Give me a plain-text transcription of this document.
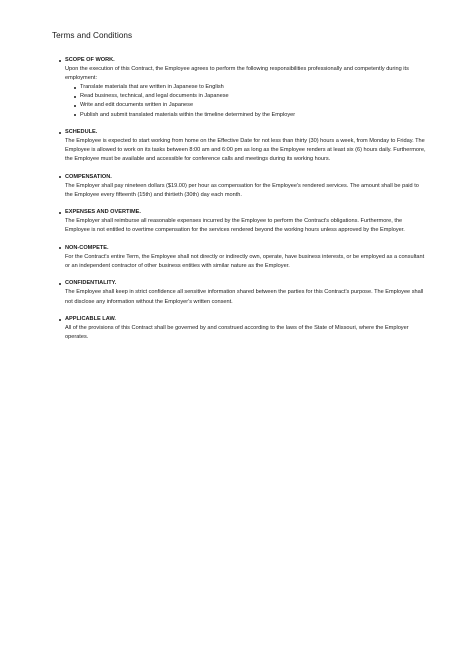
Terms and Conditions
SCOPE OF WORK.
Upon the execution of this Contract, the Employee agrees to perform the following responsibilities professionally and competently during its employment:
Translate materials that are written in Japanese to English
Read business, technical, and legal documents in Japanese
Write and edit documents written in Japanese
Publish and submit translated materials within the timeline determined by the Employer
SCHEDULE.
The Employee is expected to start working from home on the Effective Date for not less than thirty (30) hours a week, from Monday to Friday. The Employee is allowed to work on its tasks between 8:00 am and 6:00 pm as long as the Employee renders at least six (6) hours daily. Furthermore, the Employee must be available and accessible for conference calls and meetings during its working hours.
COMPENSATION.
The Employer shall pay nineteen dollars ($19.00) per hour as compensation for the Employee's rendered services. The amount shall be paid to the Employee every fifteenth (15th) and thirtieth (30th) day each month.
EXPENSES AND OVERTIME.
The Employer shall reimburse all reasonable expenses incurred by the Employee to perform the Contract's obligations. Furthermore, the Employee is not entitled to overtime compensation for the services rendered beyond the working hours unless approved by the Employer.
NON-COMPETE.
For the Contract's entire Term, the Employee shall not directly or indirectly own, operate, have business interests, or be employed as a consultant or an independent contractor of other business entities with similar nature as the Employer.
CONFIDENTIALITY.
The Employee shall keep in strict confidence all sensitive information shared between the parties for this Contract's purpose. The Employee shall not disclose any information without the Employer's written consent.
APPLICABLE LAW.
All of the provisions of this Contract shall be governed by and construed according to the laws of the State of Missouri, where the Employer operates.
